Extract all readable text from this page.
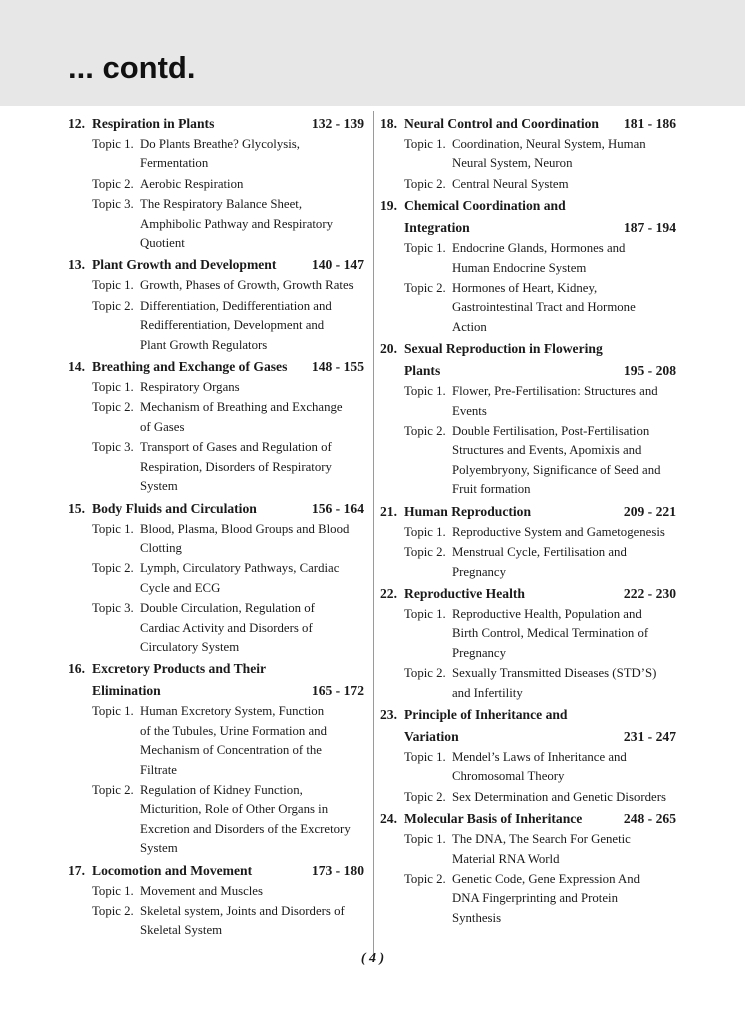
... contd.
12. Respiration in Plants	132 - 139
Topic 1. Do Plants Breathe? Glycolysis,
Fermentation
Topic 2. Aerobic Respiration
Topic 3. The Respiratory Balance Sheet,
Amphibolic Pathway and Respiratory
Quotient
13. Plant Growth and Development	140 - 147
Topic 1. Growth, Phases of Growth, Growth Rates
Topic 2. Differentiation, Dedifferentiation and
Redifferentiation, Development and
Plant Growth Regulators
14. Breathing and Exchange of Gases 148 - 155
Topic 1. Respiratory Organs
Topic 2. Mechanism of Breathing and Exchange
of Gases
Topic 3. Transport of Gases and Regulation of
Respiration, Disorders of Respiratory
System
15. Body Fluids and Circulation	156 - 164
Topic 1. Blood, Plasma, Blood Groups and Blood
Clotting
Topic 2. Lymph, Circulatory Pathways, Cardiac
Cycle and ECG
Topic 3. Double Circulation, Regulation of
Cardiac Activity and Disorders of
Circulatory System
16. Excretory Products and Their
Elimination	165 - 172
Topic 1. Human Excretory System, Function
of the Tubules, Urine Formation and
Mechanism of Concentration of the
Filtrate
Topic 2. Regulation of Kidney Function,
Micturition, Role of Other Organs in
Excretion and Disorders of the Excretory
System
17. Locomotion and Movement	173 - 180
Topic 1. Movement and Muscles
Topic 2. Skeletal system, Joints and Disorders of
Skeletal System
18. Neural Control and Coordination 181 - 186
Topic 1. Coordination, Neural System, Human
Neural System, Neuron
Topic 2. Central Neural System
19. Chemical Coordination and
Integration	187 - 194
Topic 1. Endocrine Glands, Hormones and
Human Endocrine System
Topic 2. Hormones of Heart, Kidney,
Gastrointestinal Tract and Hormone
Action
20. Sexual Reproduction in Flowering
Plants	195 - 208
Topic 1. Flower, Pre-Fertilisation: Structures and
Events
Topic 2. Double Fertilisation, Post-Fertilisation
Structures and Events, Apomixis and
Polyembryony, Significance of Seed and
Fruit formation
21. Human Reproduction	209 - 221
Topic 1. Reproductive System and Gametogenesis
Topic 2. Menstrual Cycle, Fertilisation and
Pregnancy
22. Reproductive Health	222 - 230
Topic 1. Reproductive Health, Population and
Birth Control, Medical Termination of
Pregnancy
Topic 2. Sexually Transmitted Diseases (STD’S)
and Infertility
23. Principle of Inheritance and
Variation	231 - 247
Topic 1. Mendel’s Laws of Inheritance and
Chromosomal Theory
Topic 2. Sex Determination and Genetic Disorders
24. Molecular Basis of Inheritance	248 - 265
Topic 1. The DNA, The Search For Genetic
Material RNA World
Topic 2. Genetic Code, Gene Expression And
DNA Fingerprinting and Protein
Synthesis
( 4 )
